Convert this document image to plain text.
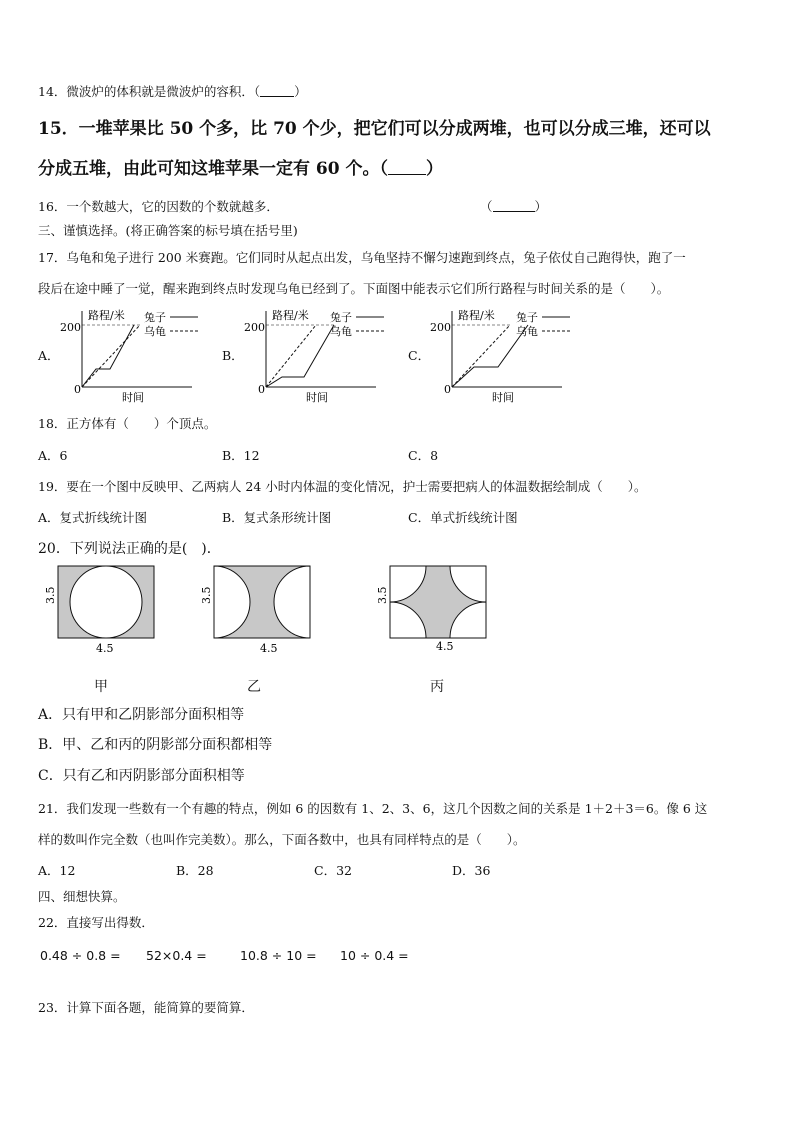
14．微波炉的体积就是微波炉的容积．（	）
15．一堆苹果比 50 个多，比 70 个少，把它们可以分成两堆，也可以分成三堆，还可以
分成五堆，由此可知这堆苹果一定有 60 个。（ ）
16．一个数越大，它的因数的个数就越多．	（	）
三、谨慎选择。(将正确答案的标号填在括号里)
17．乌龟和兔子进行 200 米赛跑。它们同时从起点出发，乌龟坚持不懈匀速跑到终点，兔子依仗自己跑得快，跑了一
段后在途中睡了一觉，醒来跑到终点时发现乌龟已经到了。下面图中能表示它们所行路程与时间关系的是（　　）。
A．	B．	C．
200
0
路程/米
时间
兔子
乌龟	200
0
路程/米
时间
兔子
乌龟	200
0
路程/米
时间
兔子
乌龟
18．正方体有（　　）个顶点。
A．6	B．12	C．8
19．要在一个图中反映甲、乙两病人 24 小时内体温的变化情况，护士需要把病人的体温数据绘制成（　　）。
A．复式折线统计图	B．复式条形统计图	C．单式折线统计图
20．下列说法正确的是(　)．
3.5
4.5
甲
3.5
4.5
乙
3.5
4.5
丙
A．只有甲和乙阴影部分面积相等
B．甲、乙和丙的阴影部分面积都相等
C．只有乙和丙阴影部分面积相等
21．我们发现一些数有一个有趣的特点，例如 6 的因数有 1、2、3、6，这几个因数之间的关系是 1＋2＋3＝6。像 6 这
样的数叫作完全数（也叫作完美数）。那么，下面各数中，也具有同样特点的是（　　）。
A．12	B．28	C．32	D．36
四、细想快算。
22．直接写出得数．
0.48 ÷ 0.8 = 52×0.4 =	10.8 ÷ 10 = 10 ÷ 0.4 =
23．计算下面各题，能简算的要简算．
